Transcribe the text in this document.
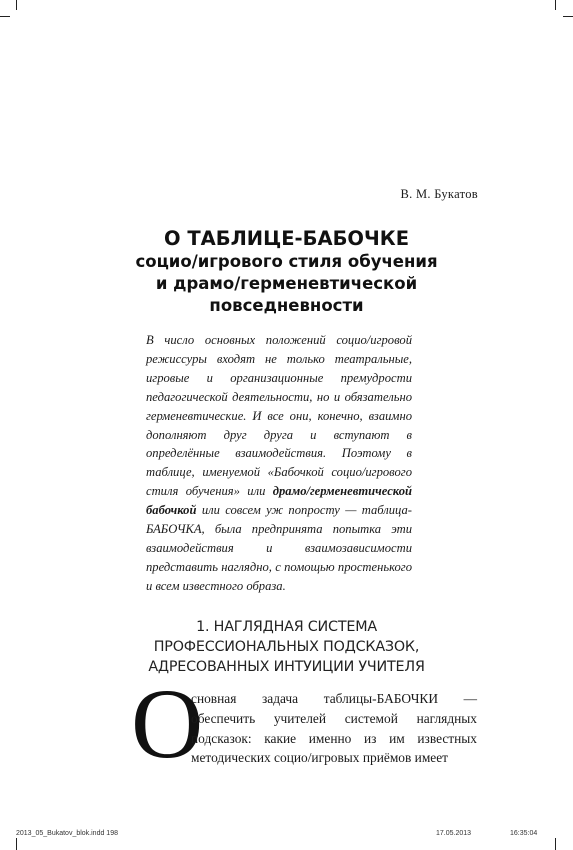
В. М. Букатов
О ТАБЛИЦЕ-БАБОЧКЕ
социо/игрового стиля обучения
и драмо/герменевтической
повседневности
В число основных положений социо/игровой режиссуры входят не только театральные, игровые и организационные премудрости педагогической деятельности, но и обязательно герменевтические. И все они, конечно, взаимно дополняют друг друга и вступают в определённые взаимодействия. Поэтому в таблице, именуемой «Бабочкой социо/игрового стиля обучения» или драмо/герменевтической бабочкой или совсем уж попросту — таблица-БАБОЧКА, была предпринята попытка эти взаимодействия и взаимозависимости представить наглядно, с помощью простенького и всем известного образа.
1. НАГЛЯДНАЯ СИСТЕМА
ПРОФЕССИОНАЛЬНЫХ ПОДСКАЗОК,
АДРЕСОВАННЫХ ИНТУИЦИИ УЧИТЕЛЯ
О
сновная задача таблицы-БАБОЧКИ — обеспечить учителей системой наглядных подсказок: какие именно из им известных методических социо/игровых приёмов имеет
2013_05_Bukatov_blok.indd 198	17.05.2013	16:35:04
